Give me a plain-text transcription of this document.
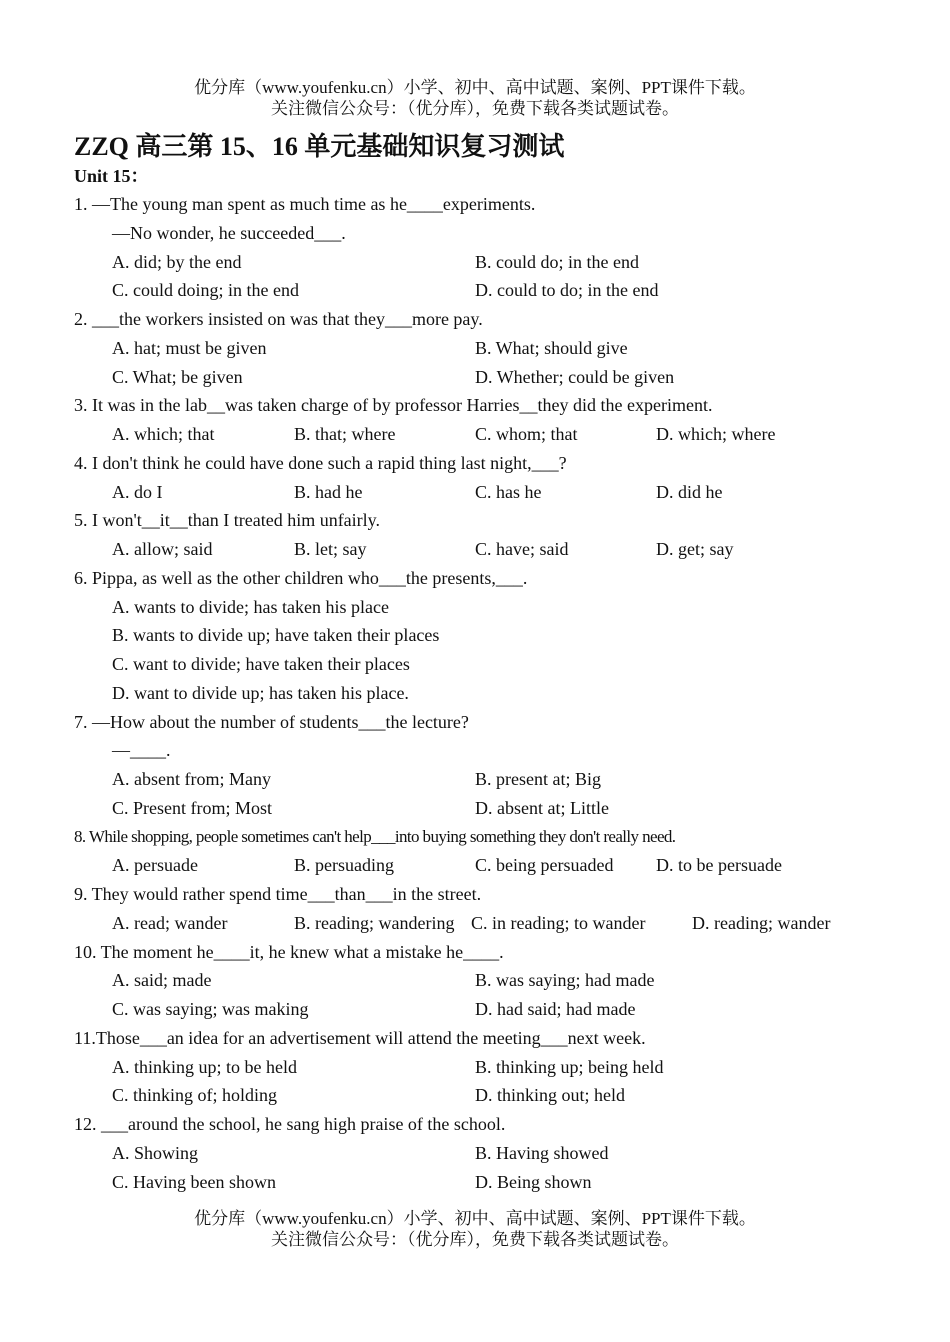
优分库（www.youfenku.cn）小学、初中、高中试题、案例、PPT课件下载。
关注微信公众号：（优分库），免费下载各类试题试卷。
ZZQ 高三第 15、16 单元基础知识复习测试
Unit 15：
1. —The young man spent as much time as he____experiments.
—No wonder, he succeeded___.
A. did; by the end	B. could do; in the end
C. could doing; in the end	D. could to do; in the end
2. ___the workers insisted on was that they___more pay.
A. hat; must be given	B. What; should give
C. What; be given	D. Whether; could be given
3. It was in the lab__was taken charge of by professor Harries__they did the experiment.
A. which; that	B. that; where	C. whom; that	D. which; where
4. I don't think he could have done such a rapid thing last night,___?
A. do I	B. had he	C. has he	D. did he
5. I won't__it__than I treated him unfairly.
A. allow; said	B. let; say	C. have; said	D. get; say
6. Pippa, as well as the other children who___the presents,___.
A. wants to divide; has taken his place
B. wants to divide up; have taken their places
C. want to divide; have taken their places
D. want to divide up; has taken his place.
7. —How about the number of students___the lecture?
—____.
A. absent from; Many	B. present at; Big
C. Present from; Most	D. absent at; Little
8. While shopping, people sometimes can't help___into buying something they don't really need.
A. persuade	B. persuading	C. being persuaded D. to be persuade
9. They would rather spend time___than___in the street.
A. read; wander	B. reading; wandering C. in reading; to wander	D. reading; wander
10. The moment he____it, he knew what a mistake he____.
A. said; made	B. was saying; had made
C. was saying; was making	D. had said; had made
11.Those___an idea for an advertisement will attend the meeting___next week.
A. thinking up; to be held	B. thinking up; being held
C. thinking of; holding	D. thinking out; held
12. ___around the school, he sang high praise of the school.
A. Showing	B. Having showed
C. Having been shown	D. Being shown
优分库（www.youfenku.cn）小学、初中、高中试题、案例、PPT课件下载。
关注微信公众号：（优分库），免费下载各类试题试卷。
